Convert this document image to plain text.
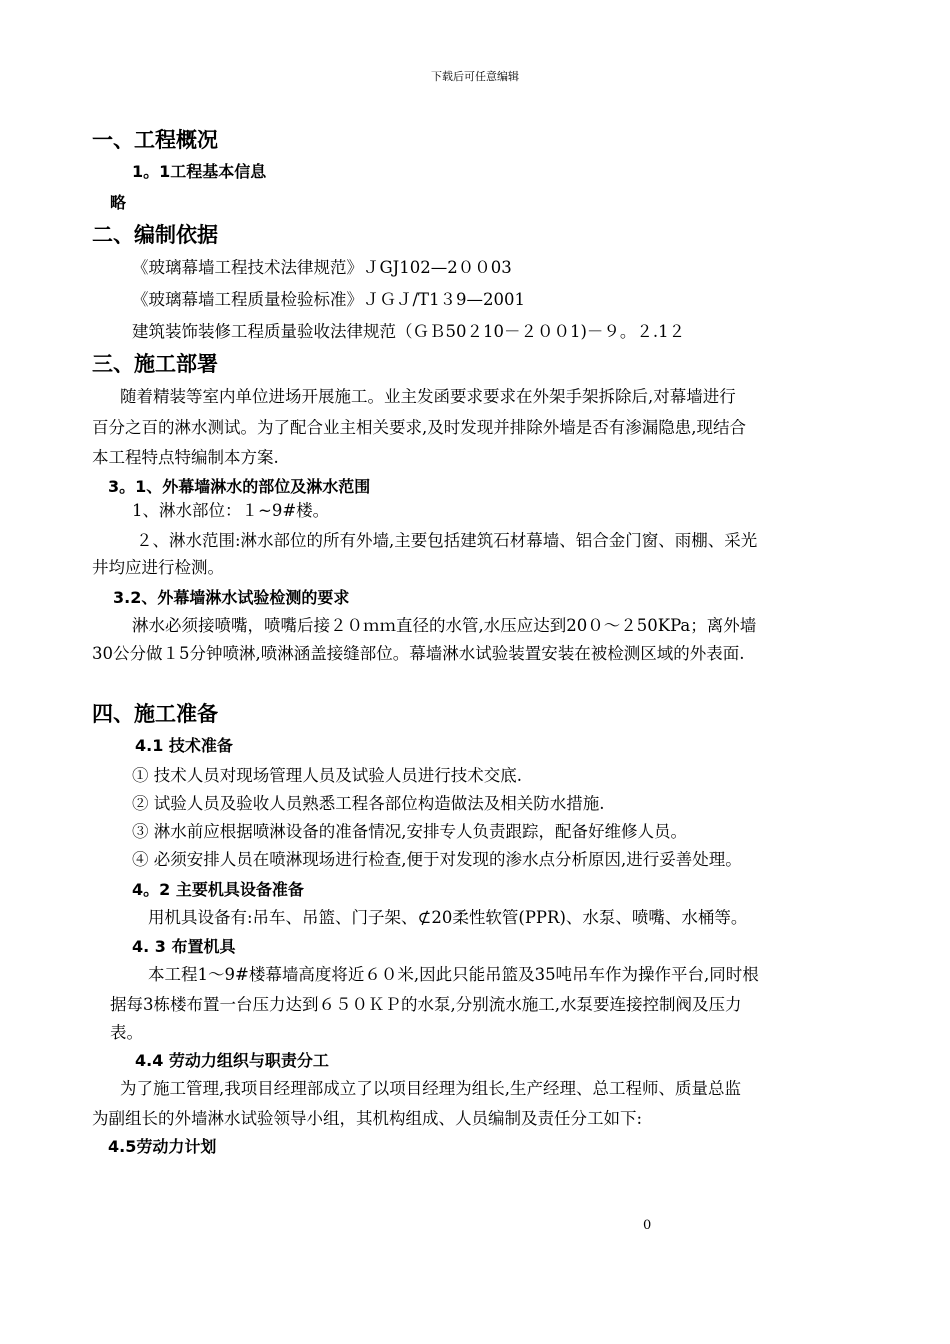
下载后可任意编辑
一、工程概况
1。1工程基本信息
略
二、编制依据
《玻璃幕墙工程技术法律规范》ＪGJ102—2００03
《玻璃幕墙工程质量检验标准》ＪＧＪ/T1３9—2001
建筑装饰装修工程质量验收法律规范（ＧＢ50２10－２００1)－９。２.1２
三、施工部署
随着精装等室内单位进场开展施工。业主发函要求要求在外架手架拆除后,对幕墙进行
百分之百的淋水测试。为了配合业主相关要求,及时发现并排除外墙是否有渗漏隐患,现结合
本工程特点特编制本方案.
3。1、外幕墙淋水的部位及淋水范围
1、淋水部位：１~9#楼。
２、淋水范围:淋水部位的所有外墙,主要包括建筑石材幕墙、铝合金门窗、雨棚、采光
井均应进行检测。
3.2、外幕墙淋水试验检测的要求
淋水必须接喷嘴，喷嘴后接２０ｍｍ直径的水管,水压应达到20０～２50KPa；离外墙
30公分做１5分钟喷淋,喷淋涵盖接缝部位。幕墙淋水试验装置安装在被检测区域的外表面.
四、施工准备
4.1 技术准备
① 技术人员对现场管理人员及试验人员进行技术交底.
② 试验人员及验收人员熟悉工程各部位构造做法及相关防水措施.
③ 淋水前应根据喷淋设备的准备情况,安排专人负责跟踪，配备好维修人员。
④ 必须安排人员在喷淋现场进行检查,便于对发现的渗水点分析原因,进行妥善处理。
4。2 主要机具设备准备
用机具设备有:吊车、吊篮、门子架、⊄20柔性软管(PPR)、水泵、喷嘴、水桶等。
4. 3 布置机具
本工程1～9#楼幕墙高度将近６０米,因此只能吊篮及35吨吊车作为操作平台,同时根
据每3栋楼布置一台压力达到６５０ＫＰ的水泵,分别流水施工,水泵要连接控制阀及压力
表。
4.4 劳动力组织与职责分工
为了施工管理,我项目经理部成立了以项目经理为组长,生产经理、总工程师、质量总监
为副组长的外墙淋水试验领导小组，其机构组成、人员编制及责任分工如下:
4.5劳动力计划
0
